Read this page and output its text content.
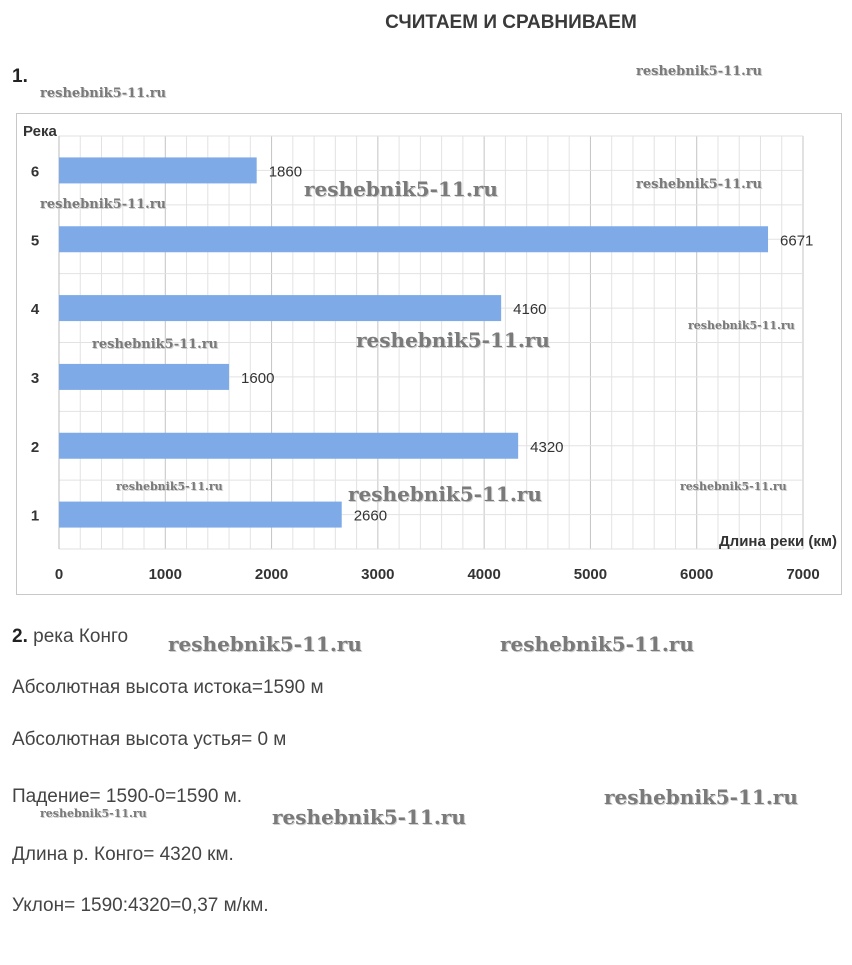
СЧИТАЕМ И СРАВНИВАЕМ
1.
2660
1
4320
2
1600
3
4160
4
6671
5
1860
6
0	1000	2000	3000	4000	5000	6000	7000
Река
Длина реки (км)
2. река Конго
Абсолютная высота истока=1590 м
Абсолютная высота устья= 0 м
Падение= 1590-0=1590 м.
Длина р. Конго= 4320 км.
Уклон= 1590:4320=0,37 м/км.
reshebnik5-11.ru
reshebnik5-11.ru
reshebnik5-11.ru	reshebnik5-11.ru
reshebnik5-11.ru
reshebnik5-11.ru
reshebnik5-11.ru
reshebnik5-11.ru
reshebnik5-11.ru	reshebnik5-11.ru
reshebnik5-11.ru
reshebnik5-11.ru	reshebnik5-11.ru
reshebnik5-11.ru
reshebnik5-11.ru	reshebnik5-11.ru
